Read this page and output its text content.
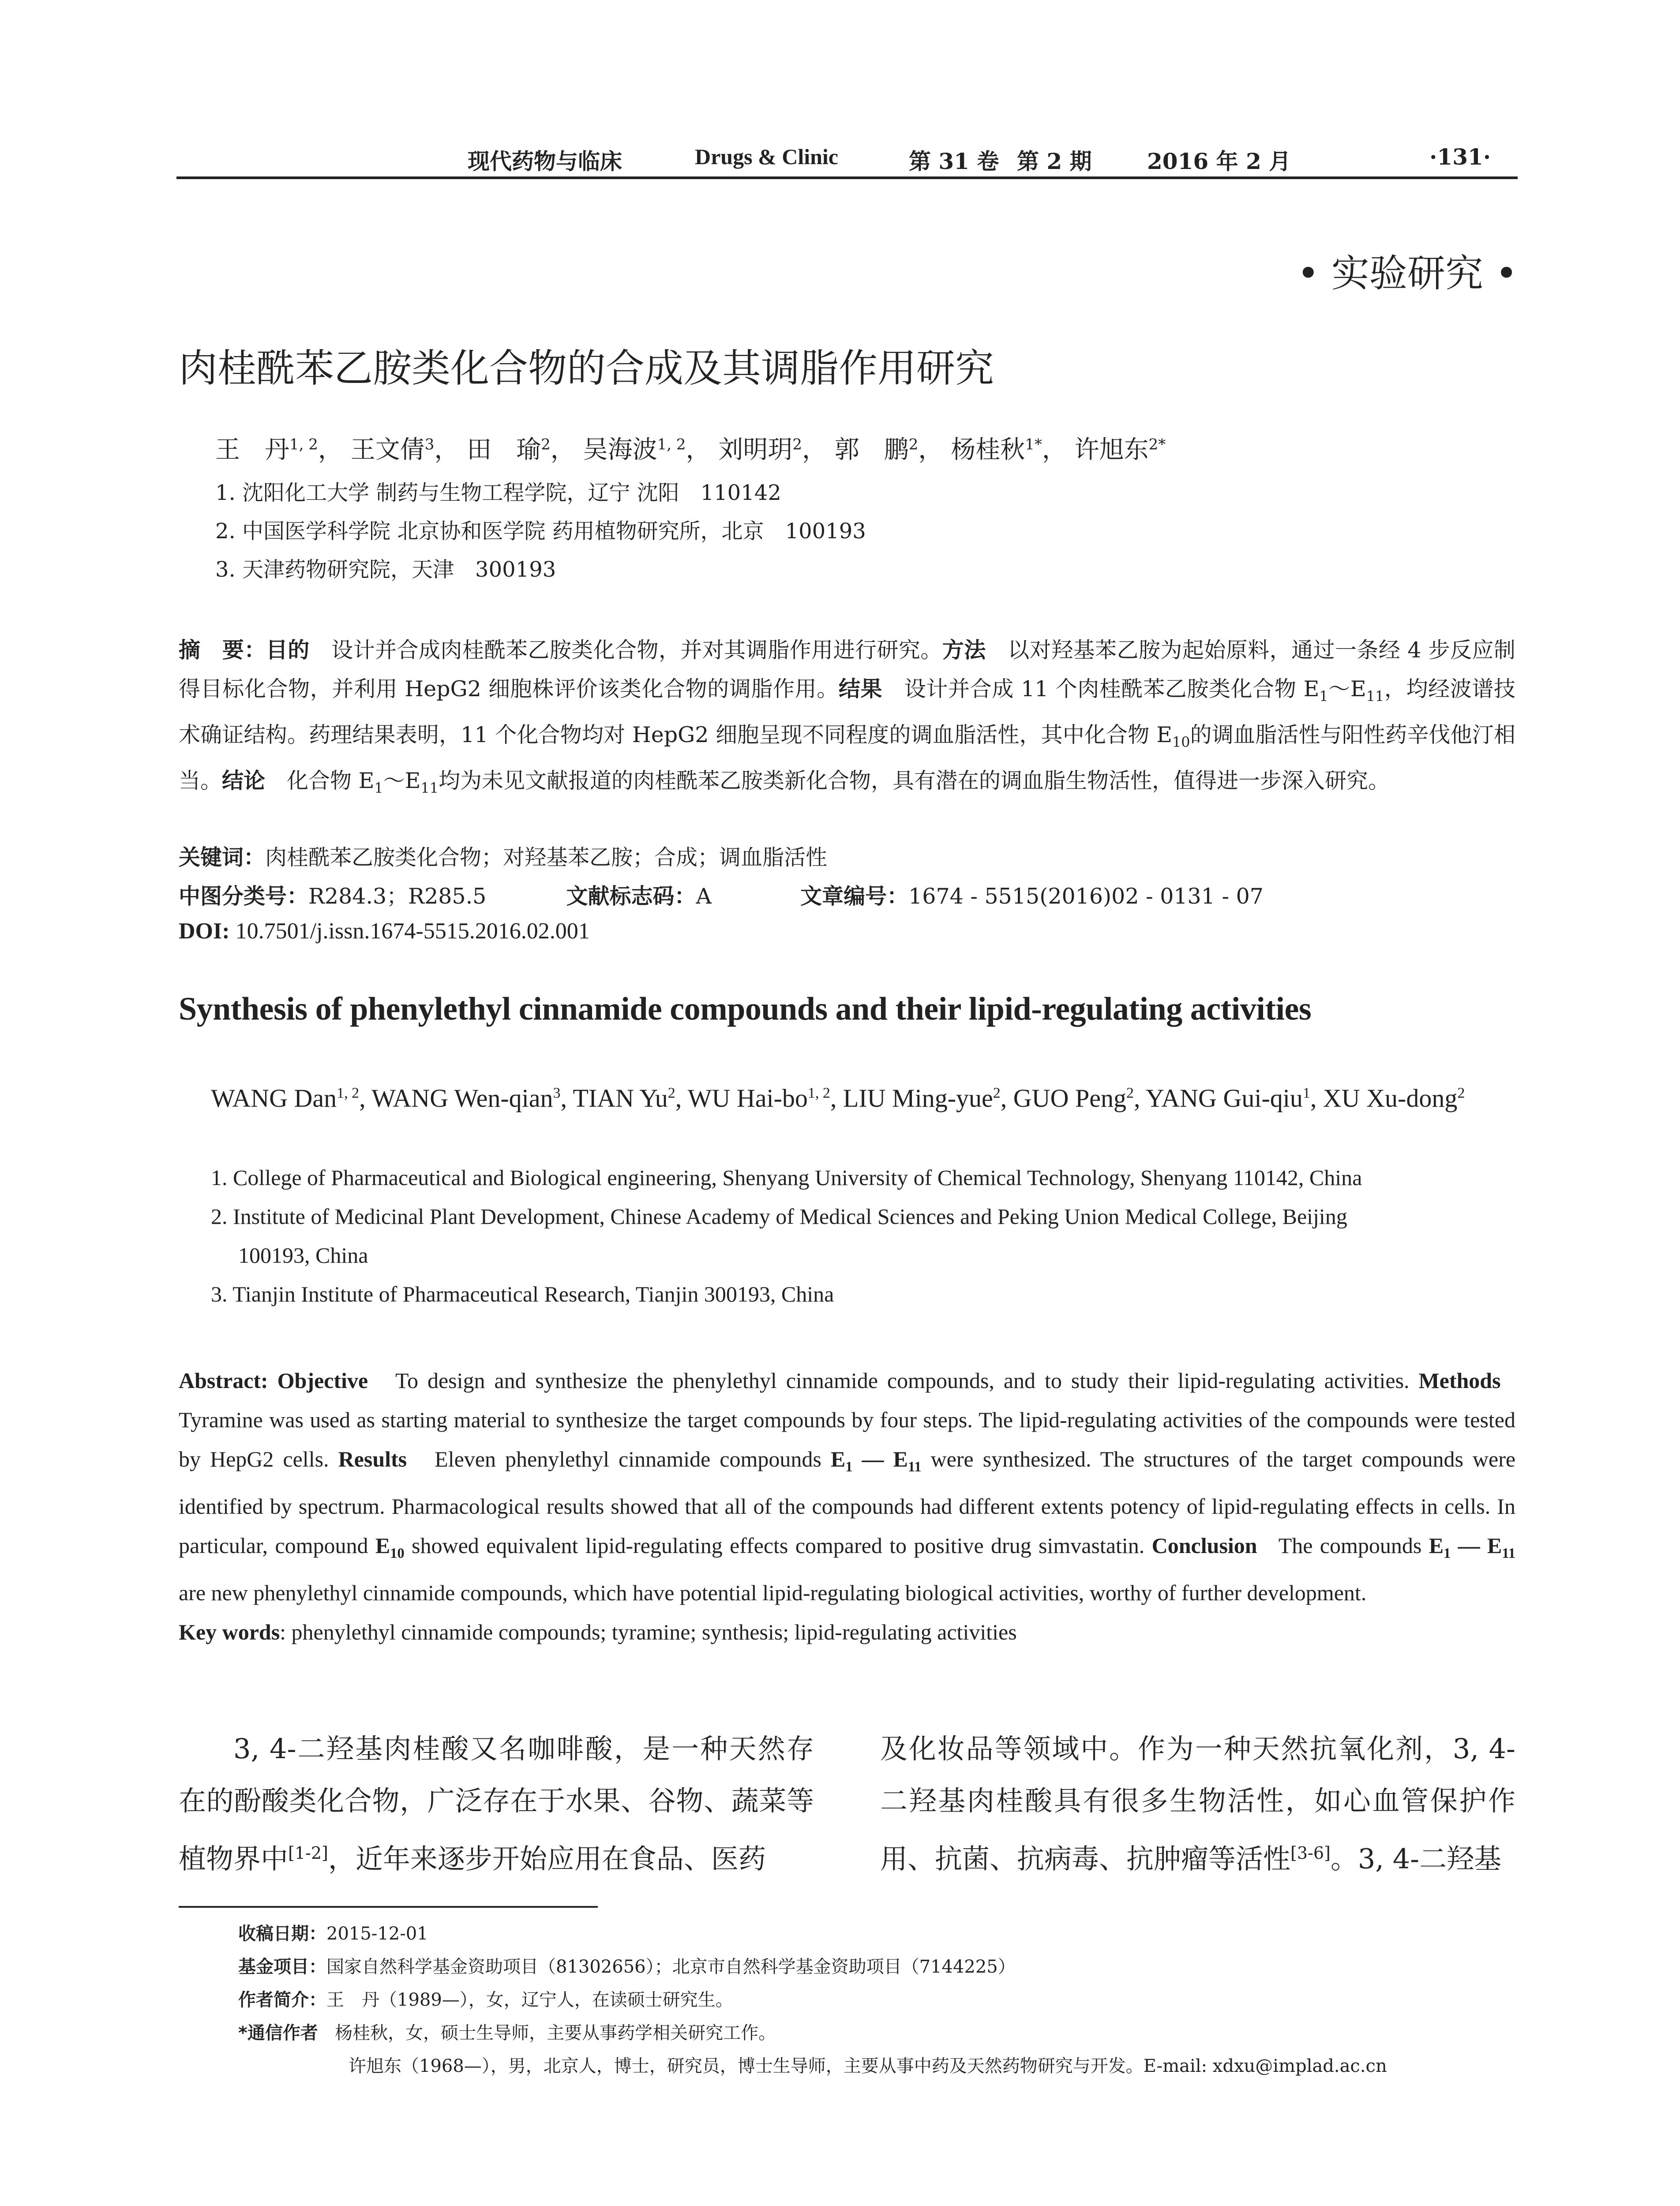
现代药物与临床	Drugs & Clinic	第 31 卷 第 2 期	2016 年 2 月	·131·
• 实验研究 •
肉桂酰苯乙胺类化合物的合成及其调脂作用研究
王　丹$^{1, 2}$， 王文倩$^3$， 田　瑜$^2$， 吴海波$^{1, 2}$， 刘明玥$^2$， 郭　鹏$^2$， 杨桂秋$^{1*}$， 许旭东$^{2*}$
1. 沈阳化工大学 制药与生物工程学院，辽宁 沈阳　110142
2. 中国医学科学院 北京协和医学院 药用植物研究所，北京　100193
3. 天津药物研究院，天津　300193
摘　要：目的　 设计并合成肉桂酰苯乙胺类化合物，并对其调脂作用进行研究。方法　 以对羟基苯乙胺为起始原料，通过一条经 4 步反应制得目标化合物，并利用 HepG2 细胞株评价该类化合物的调脂作用。结果　 设计并合成 11 个肉桂酰苯乙胺类化合物 $E_1\sim E_{11}$，均经波谱技术确证结构。药理结果表明，11 个化合物均对 HepG2 细胞呈现不同程度的调血脂活性，其中化合物 $E_{10}$的调血脂活性与阳性药辛伐他汀相当。结论　 化合物 $E_1\sim E_{11}$均为未见文献报道的肉桂酰苯乙胺类新化合物，具有潜在的调血脂生物活性，值得进一步深入研究。
关键词：肉桂酰苯乙胺类化合物；对羟基苯乙胺；合成；调血脂活性
中图分类号：R284.3；R285.5	文献标志码：A	文章编号：1674 - 5515(2016)02 - 0131 - 07
DOI: 10.7501/j.issn.1674-5515.2016.02.001
Synthesis of phenylethyl cinnamide compounds and their lipid-regulating activities
WANG Dan$^{1, 2}$, WANG Wen-qian$^3$, TIAN Yu$^2$, WU Hai-bo$^{1, 2}$, LIU Ming-yue$^2$, GUO Peng$^2$, YANG Gui-qiu$^1$, XU Xu-dong$^2$
1. College of Pharmaceutical and Biological engineering, Shenyang University of Chemical Technology, Shenyang 110142, China
2. Institute of Medicinal Plant Development, Chinese Academy of Medical Sciences and Peking Union Medical College, Beijing
100193, China
3. Tianjin Institute of Pharmaceutical Research, Tianjin 300193, China
Abstract: Objective To design and synthesize the phenylethyl cinnamide compounds, and to study their lipid-regulating activities. Methods   Tyramine was used as starting material to synthesize the target compounds by four steps. The lipid-regulating activities of the compounds were tested by HepG2 cells. Results Eleven phenylethyl cinnamide compounds $E_1$ — $E_{11}$ were synthesized. The structures of the target compounds were identified by spectrum. Pharmacological results showed that all of the compounds had different extents potency of lipid-regulating effects in cells. In particular, compound $E_{10}$ showed equivalent lipid-regulating effects compared to positive drug simvastatin. Conclusion The compounds $E_1$ — $E_{11}$ are new phenylethyl cinnamide compounds, which have potential lipid-regulating biological activities, worthy of further development.
Key words: phenylethyl cinnamide compounds; tyramine; synthesis; lipid-regulating activities
3, 4-二羟基肉桂酸又名咖啡酸，是一种天然存在的酚酸类化合物，广泛存在于水果、谷物、蔬菜等植物界中[1-2]，近年来逐步开始应用在食品、医药
及化妆品等领域中。作为一种天然抗氧化剂，3, 4-二羟基肉桂酸具有很多生物活性，如心血管保护作用、抗菌、抗病毒、抗肿瘤等活性[3-6]。3, 4-二羟基
收稿日期：2015-12-01
基金项目：国家自然科学基金资助项目（81302656）；北京市自然科学基金资助项目（7144225）
作者简介：王　丹（1989—），女，辽宁人，在读硕士研究生。
*通信作者 杨桂秋，女，硕士生导师，主要从事药学相关研究工作。
许旭东（1968—），男，北京人，博士，研究员，博士生导师，主要从事中药及天然药物研究与开发。E-mail: xdxu@implad.ac.cn
